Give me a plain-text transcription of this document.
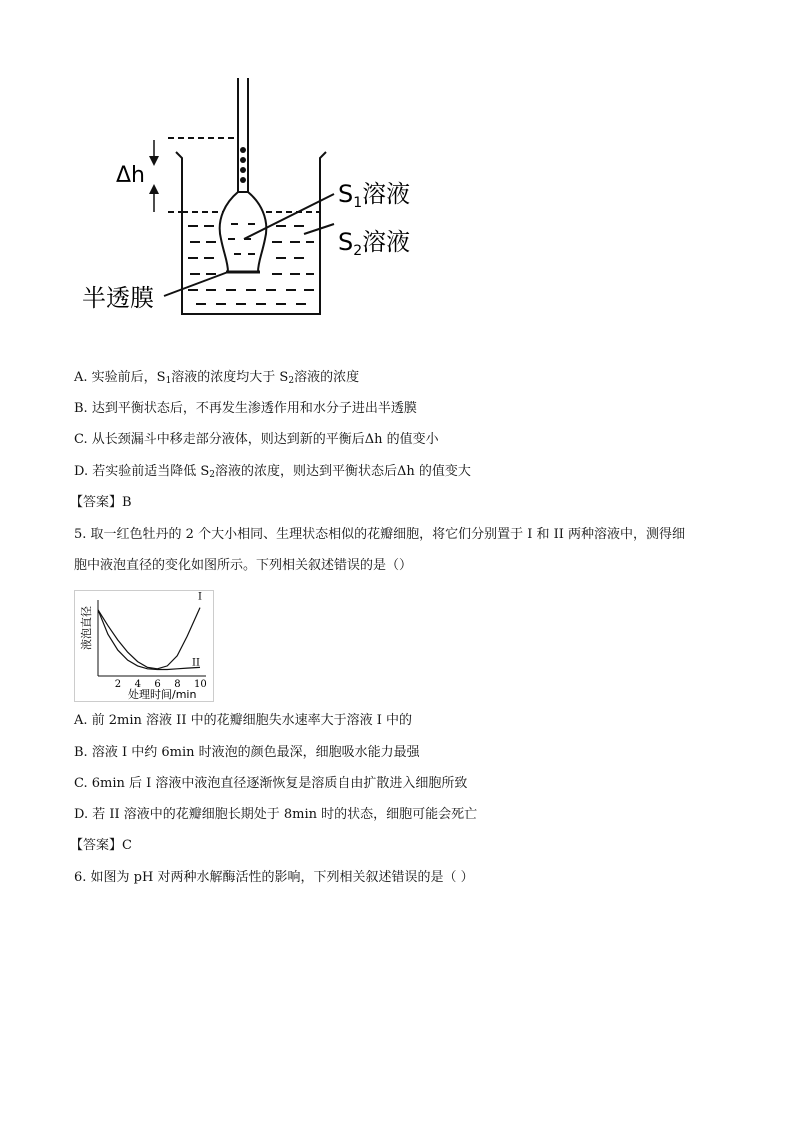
Δh
$S_1$溶液
$S_2$溶液
半透膜
A. 实验前后，$S_1$溶液的浓度均大于 $S_2$溶液的浓度
B. 达到平衡状态后，不再发生渗透作用和水分子进出半透膜
C. 从长颈漏斗中移走部分液体，则达到新的平衡后Δh 的值变小
D. 若实验前适当降低 $S_2$溶液的浓度，则达到平衡状态后Δh 的值变大
【答案】B
5. 取一红色牡丹的 2 个大小相同、生理状态相似的花瓣细胞，将它们分别置于 I 和 II 两种溶液中，测得细
胞中液泡直径的变化如图所示。下列相关叙述错误的是（）
2 4 6 8 10
I
II
液泡直径
处理时间/min
A. 前 2min 溶液 II 中的花瓣细胞失水速率大于溶液 I 中的
B. 溶液 I 中约 6min 时液泡的颜色最深，细胞吸水能力最强
C. 6min 后 I 溶液中液泡直径逐渐恢复是溶质自由扩散进入细胞所致
D. 若 II 溶液中的花瓣细胞长期处于 8min 时的状态，细胞可能会死亡
【答案】C
6. 如图为 pH 对两种水解酶活性的影响，下列相关叙述错误的是（ ）
